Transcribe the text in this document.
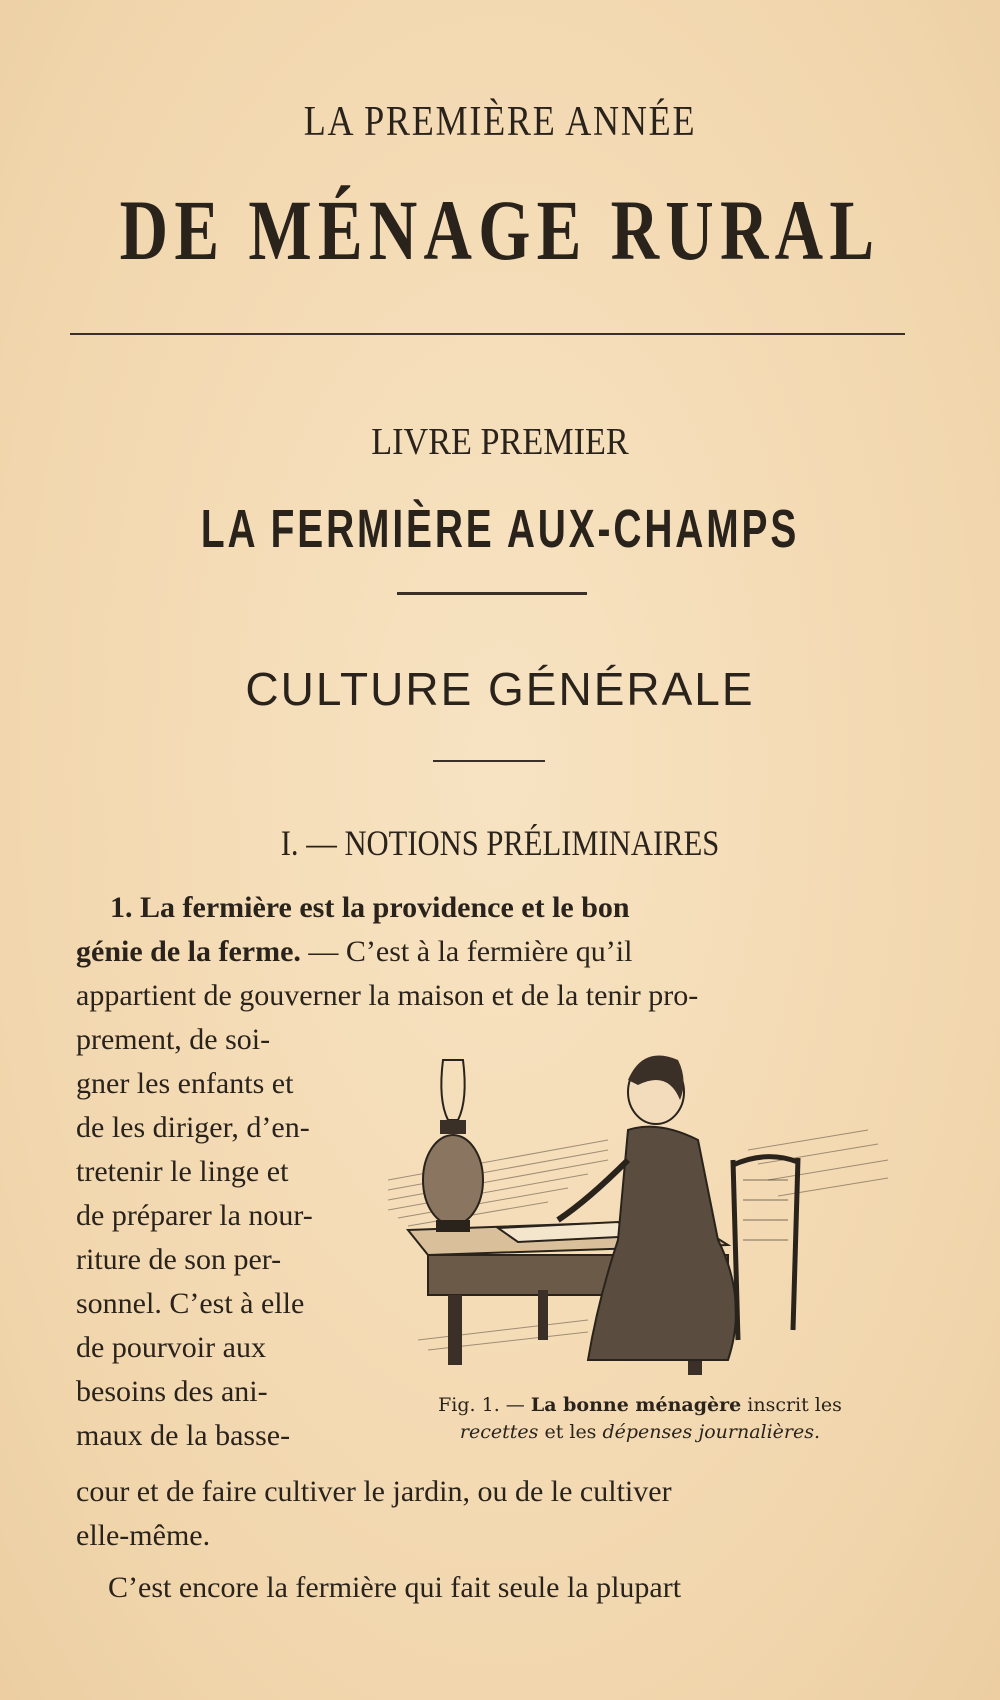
LA PREMIÈRE ANNÉE
DE MÉNAGE RURAL
LIVRE PREMIER
LA FERMIÈRE AUX-CHAMPS
CULTURE GÉNÉRALE
I. — NOTIONS PRÉLIMINAIRES
1. La fermière est la providence et le bon
génie de la ferme. — C’est à la fermière qu’il
appartient de gouverner la maison et de la tenir pro-
prement, de soi-
gner les enfants et
de les diriger, d’en-
tretenir le linge et
de préparer la nour-
riture de son per-
sonnel. C’est à elle
de pourvoir aux
besoins des ani-
maux de la basse-
Fig. 1. — La bonne ménagère inscrit les
recettes et les dépenses journalières.
cour et de faire cultiver le jardin, ou de le cultiver
elle-même.
C’est encore la fermière qui fait seule la plupart
